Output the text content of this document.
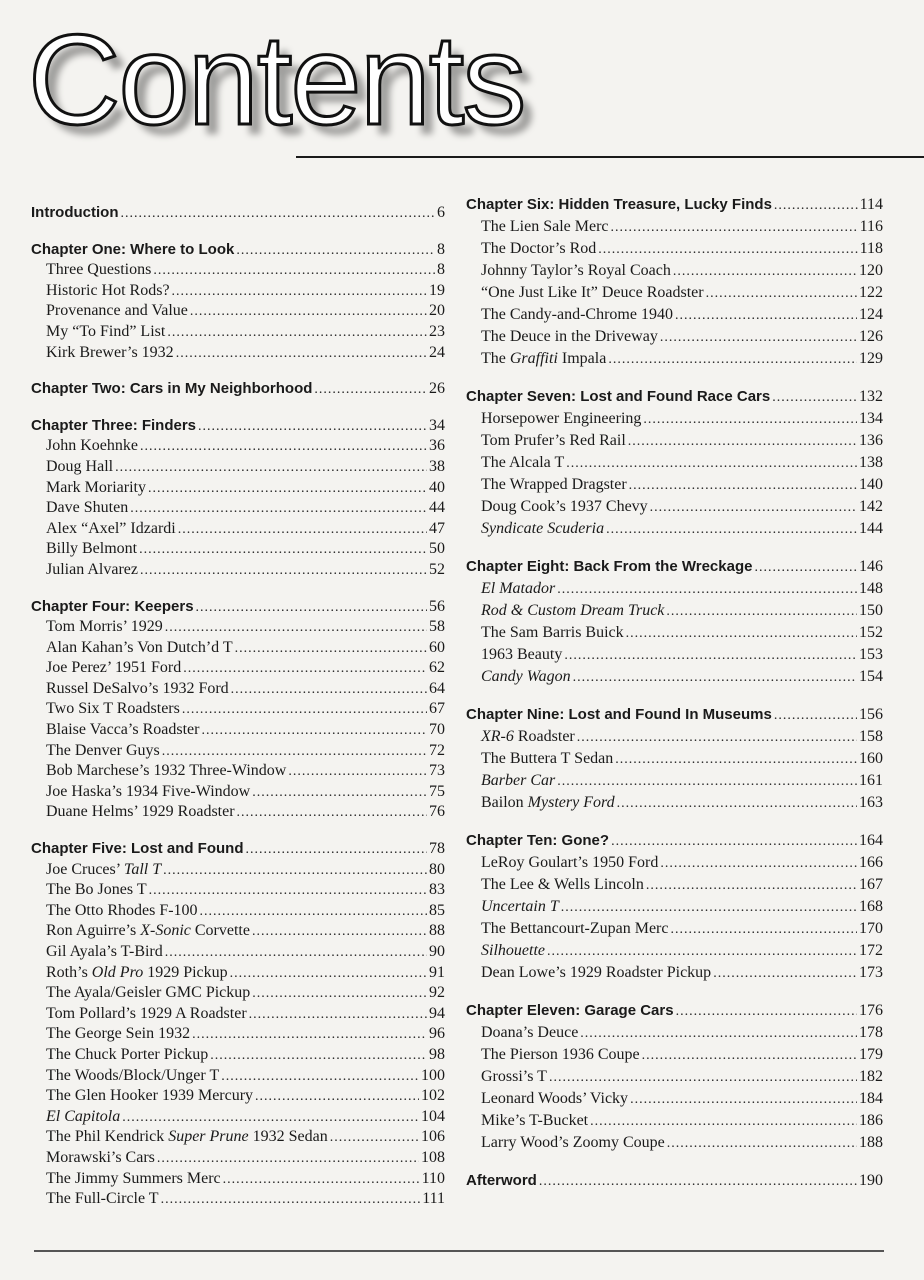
Contents
Introduction .....	6
Chapter One: Where to Look .....	8
Three Questions .....	8
Historic Hot Rods? .....	19
Provenance and Value .....	20
My “To Find” List .....	23
Kirk Brewer’s 1932 .....	24
Chapter Two: Cars in My Neighborhood .....	26
Chapter Three: Finders .....	34
John Koehnke .....	36
Doug Hall .....	38
Mark Moriarity .....	40
Dave Shuten .....	44
Alex “Axel” Idzardi .....	47
Billy Belmont .....	50
Julian Alvarez .....	52
Chapter Four: Keepers .....	56
Tom Morris’ 1929 .....	58
Alan Kahan’s Von Dutch’d T .....	60
Joe Perez’ 1951 Ford .....	62
Russel DeSalvo’s 1932 Ford .....	64
Two Six T Roadsters .....	67
Blaise Vacca’s Roadster .....	70
The Denver Guys .....	72
Bob Marchese’s 1932 Three-Window .....	73
Joe Haska’s 1934 Five-Window .....	75
Duane Helms’ 1929 Roadster .....	76
Chapter Five: Lost and Found .....	78
Joe Cruces’ Tall T .....	80
The Bo Jones T .....	83
The Otto Rhodes F-100 .....	85
Ron Aguirre’s X-Sonic Corvette .....	88
Gil Ayala’s T-Bird .....	90
Roth’s Old Pro 1929 Pickup .....	91
The Ayala/Geisler GMC Pickup .....	92
Tom Pollard’s 1929 A Roadster .....	94
The George Sein 1932 .....	96
The Chuck Porter Pickup .....	98
The Woods/Block/Unger T .....	100
The Glen Hooker 1939 Mercury .....	102
El Capitola .....	104
The Phil Kendrick Super Prune 1932 Sedan .....	106
Morawski’s Cars .....	108
The Jimmy Summers Merc .....	110
The Full-Circle T .....	111
Chapter Six: Hidden Treasure, Lucky Finds .....	114
The Lien Sale Merc .....	116
The Doctor’s Rod .....	118
Johnny Taylor’s Royal Coach .....	120
“One Just Like It” Deuce Roadster .....	122
The Candy-and-Chrome 1940 .....	124
The Deuce in the Driveway .....	126
The Graffiti Impala .....	129
Chapter Seven: Lost and Found Race Cars .....	132
Horsepower Engineering .....	134
Tom Prufer’s Red Rail .....	136
The Alcala T .....	138
The Wrapped Dragster .....	140
Doug Cook’s 1937 Chevy .....	142
Syndicate Scuderia .....	144
Chapter Eight: Back From the Wreckage .....	146
El Matador .....	148
Rod & Custom Dream Truck .....	150
The Sam Barris Buick .....	152
1963 Beauty .....	153
Candy Wagon .....	154
Chapter Nine: Lost and Found In Museums .....	156
XR-6 Roadster .....	158
The Buttera T Sedan .....	160
Barber Car .....	161
Bailon Mystery Ford .....	163
Chapter Ten: Gone? .....	164
LeRoy Goulart’s 1950 Ford .....	166
The Lee & Wells Lincoln .....	167
Uncertain T .....	168
The Bettancourt-Zupan Merc .....	170
Silhouette .....	172
Dean Lowe’s 1929 Roadster Pickup .....	173
Chapter Eleven: Garage Cars .....	176
Doana’s Deuce .....	178
The Pierson 1936 Coupe .....	179
Grossi’s T .....	182
Leonard Woods’ Vicky .....	184
Mike’s T-Bucket .....	186
Larry Wood’s Zoomy Coupe .....	188
Afterword .....	190
